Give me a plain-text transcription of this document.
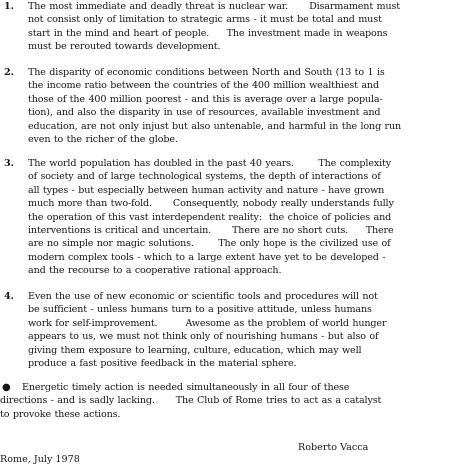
1. The most immediate and deadly threat is nuclear war.      Disarmament must
not consist only of limitation to strategic arms - it must be total and must
start in the mind and heart of people.     The investment made in weapons
must be rerouted towards development.
2. The disparity of economic conditions between North and South (13 to 1 is
the income ratio between the countries of the 400 million wealthiest and
those of the 400 million poorest - and this is average over a large popula-
tion), and also the disparity in use of resources, available investment and
education, are not only injust but also untenable, and harmful in the long run
even to the richer of the globe.
3. The world population has doubled in the past 40 years.       The complexity
of society and of large technological systems, the depth of interactions of
all types - but especially between human activity and nature - have grown
much more than two-fold.      Consequently, nobody really understands fully
the operation of this vast interdependent reality:  the choice of policies and
interventions is critical and uncertain.      There are no short cuts.     There
are no simple nor magic solutions.       The only hope is the civilized use of
modern complex tools - which to a large extent have yet to be developed -
and the recourse to a cooperative rational approach.
4. Even the use of new economic or scientific tools and procedures will not
be sufficient - unless humans turn to a positive attitude, unless humans
work for self-improvement.        Awesome as the problem of world hunger
appears to us, we must not think only of nourishing humans - but also of
giving them exposure to learning, culture, education, which may well
produce a fast positive feedback in the material sphere.
●	Energetic timely action is needed simultaneously in all four of these
directions - and is sadly lacking.      The Club of Rome tries to act as a catalyst
to provoke these actions.
Roberto Vacca
Rome, July 1978
